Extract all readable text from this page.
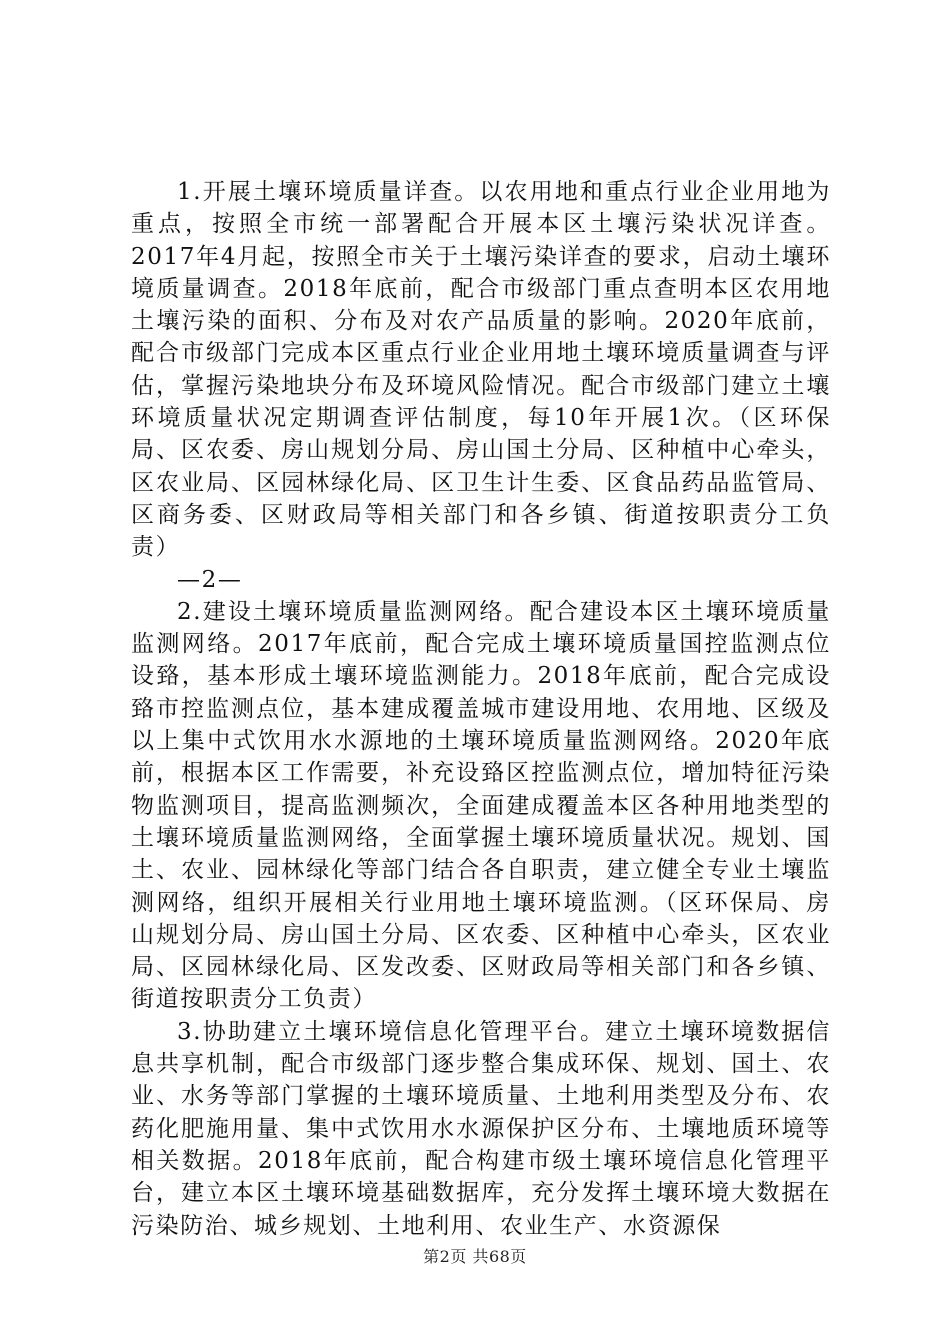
1.开展土壤环境质量详查。以农用地和重点行业企业用地为重点，按照全市统一部署配合开展本区土壤污染状况详查。2017年4月起，按照全市关于土壤污染详查的要求，启动土壤环境质量调查。2018年底前，配合市级部门重点查明本区农用地土壤污染的面积、分布及对农产品质量的影响。2020年底前，配合市级部门完成本区重点行业企业用地土壤环境质量调查与评估，掌握污染地块分布及环境风险情况。配合市级部门建立土壤环境质量状况定期调查评估制度，每10年开展1次。（区环保局、区农委、房山规划分局、房山国土分局、区种植中心牵头，区农业局、区园林绿化局、区卫生计生委、区食品药品监管局、区商务委、区财政局等相关部门和各乡镇、街道按职责分工负责）

—2—

2.建设土壤环境质量监测网络。配合建设本区土壤环境质量监测网络。2017年底前，配合完成土壤环境质量国控监测点位设臵，基本形成土壤环境监测能力。2018年底前，配合完成设臵市控监测点位，基本建成覆盖城市建设用地、农用地、区级及以上集中式饮用水水源地的土壤环境质量监测网络。2020年底前，根据本区工作需要，补充设臵区控监测点位，增加特征污染物监测项目，提高监测频次，全面建成覆盖本区各种用地类型的土壤环境质量监测网络，全面掌握土壤环境质量状况。规划、国土、农业、园林绿化等部门结合各自职责，建立健全专业土壤监测网络，组织开展相关行业用地土壤环境监测。（区环保局、房山规划分局、房山国土分局、区农委、区种植中心牵头，区农业局、区园林绿化局、区发改委、区财政局等相关部门和各乡镇、街道按职责分工负责）

3.协助建立土壤环境信息化管理平台。建立土壤环境数据信息共享机制，配合市级部门逐步整合集成环保、规划、国土、农业、水务等部门掌握的土壤环境质量、土地利用类型及分布、农药化肥施用量、集中式饮用水水源保护区分布、土壤地质环境等相关数据。2018年底前，配合构建市级土壤环境信息化管理平台，建立本区土壤环境基础数据库，充分发挥土壤环境大数据在污染防治、城乡规划、土地利用、农业生产、水资源保

第2页 共68页
